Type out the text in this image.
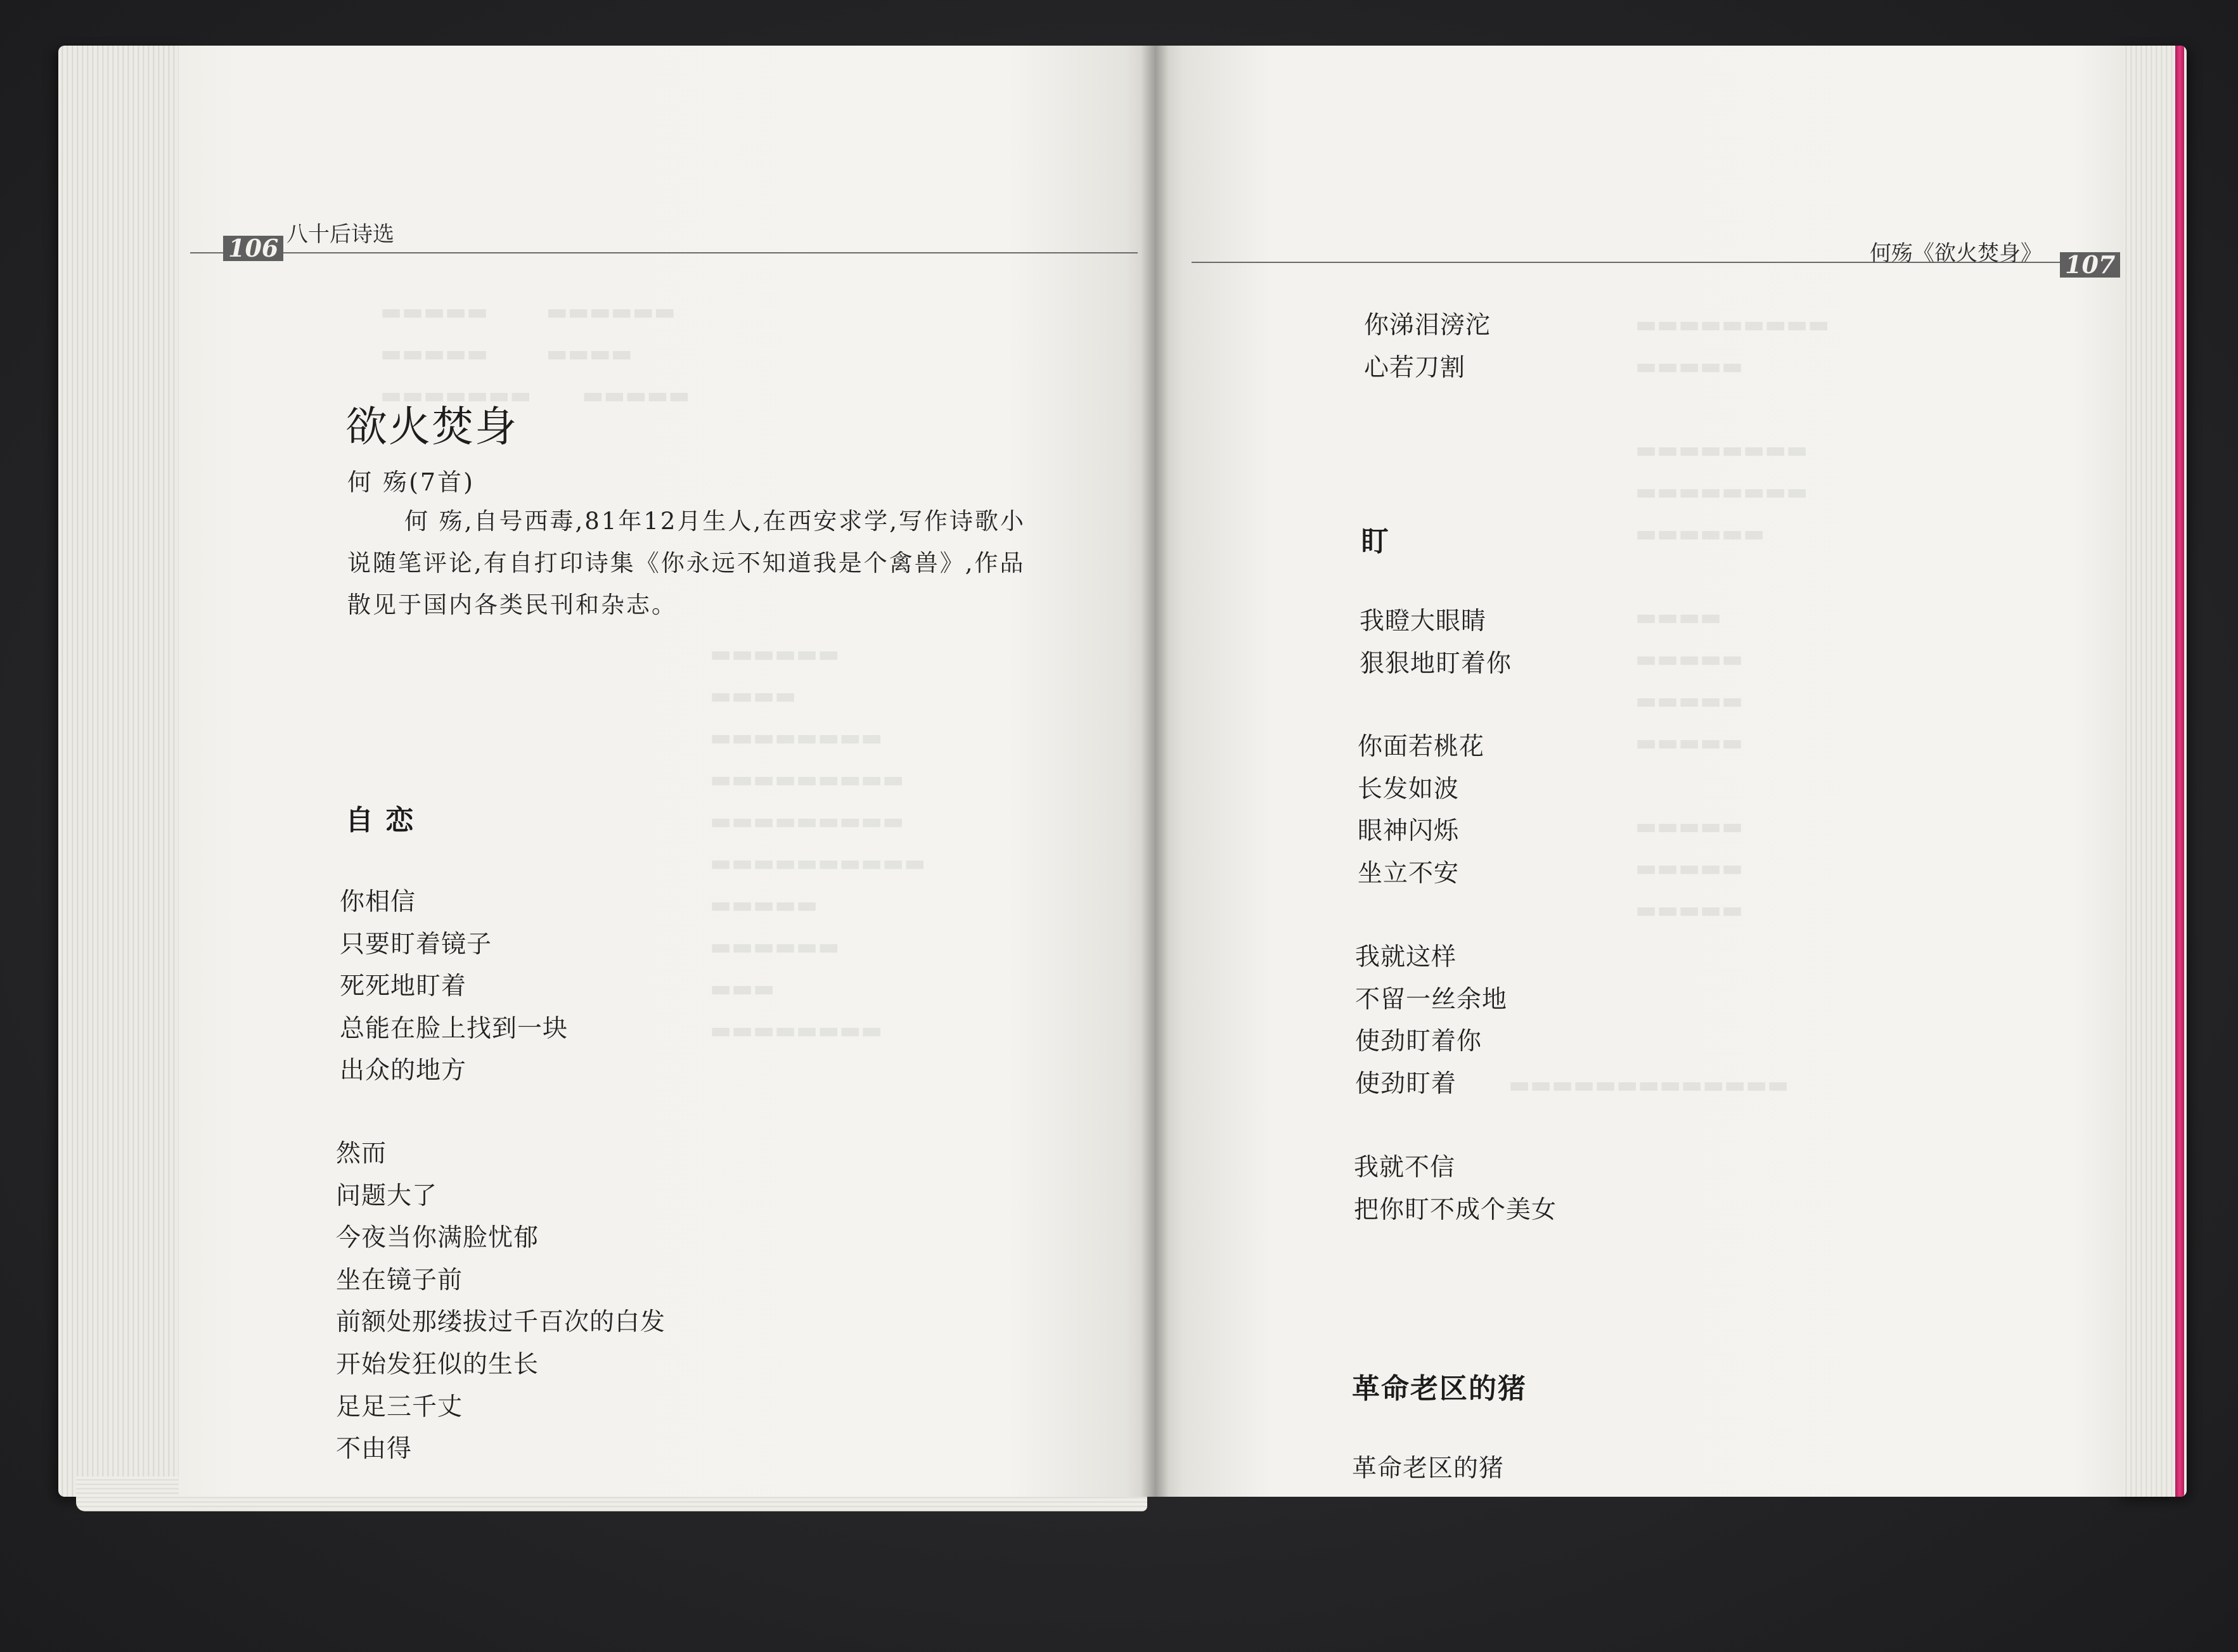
106 八十后诗选
欲火焚身
何 殇(7首)
何 殇,自号西毒,81年12月生人,在西安求学,写作诗歌小说随笔评论,有自打印诗集《你永远不知道我是个禽兽》,作品散见于国内各类民刊和杂志。
自 恋
你相信
只要盯着镜子
死死地盯着
总能在脸上找到一块
出众的地方
然而
问题大了
今夜当你满脸忧郁
坐在镜子前
前额处那缕拔过千百次的白发
开始发狂似的生长
足足三千丈
不由得
何殇《欲火焚身》 107
你涕泪滂沱
心若刀割
盯
我瞪大眼睛
狠狠地盯着你
你面若桃花
长发如波
眼神闪烁
坐立不安
我就这样
不留一丝余地
使劲盯着你
使劲盯着
我就不信
把你盯不成个美女
革命老区的猪
革命老区的猪
